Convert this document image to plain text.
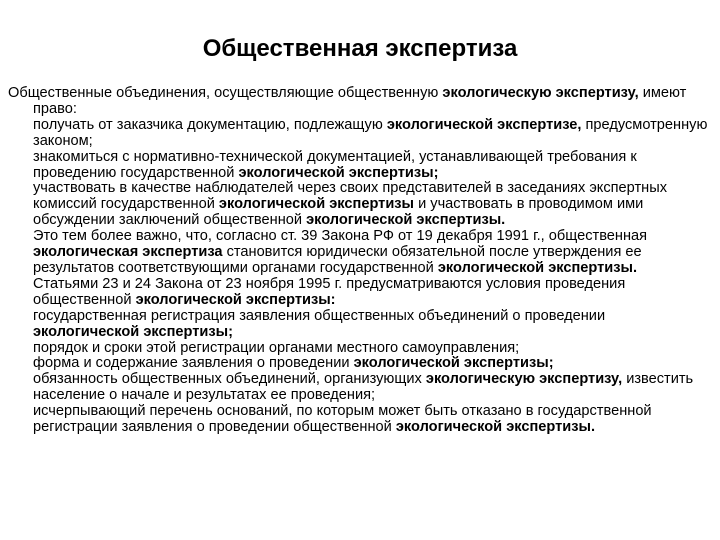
Общественная экспертиза

Общественные объединения, осуществляющие общественную экологическую экспертизу, имеют право:

получать от заказчика документацию, подлежащую экологической экспертизе, предусмотренную законом;

знакомиться с нормативно-технической документацией, устанавливающей требования к проведению государственной экологической экспертизы;

участвовать в качестве наблюдателей через своих представителей в заседаниях экспертных комиссий государственной экологической экспертизы и участвовать в проводимом ими обсуждении заключений общественной экологической экспертизы.

Это тем более важно, что, согласно ст. 39 Закона РФ от 19 декабря 1991 г., общественная экологическая экспертиза становится юридически обязательной после утверждения ее результатов соответствующими органами государственной экологической экспертизы.

Статьями 23 и 24 Закона от 23 ноября 1995 г. предусматриваются условия проведения общественной экологической экспертизы:

государственная регистрация заявления общественных объединений о проведении экологической экспертизы;

порядок и сроки этой регистрации органами местного самоуправления;

форма и содержание заявления о проведении экологической экспертизы;

обязанность общественных объединений, организующих экологическую экспертизу, известить население о начале и результатах ее проведения;

исчерпывающий перечень оснований, по которым может быть отказано в государственной регистрации заявления о проведении общественной экологической экспертизы.
